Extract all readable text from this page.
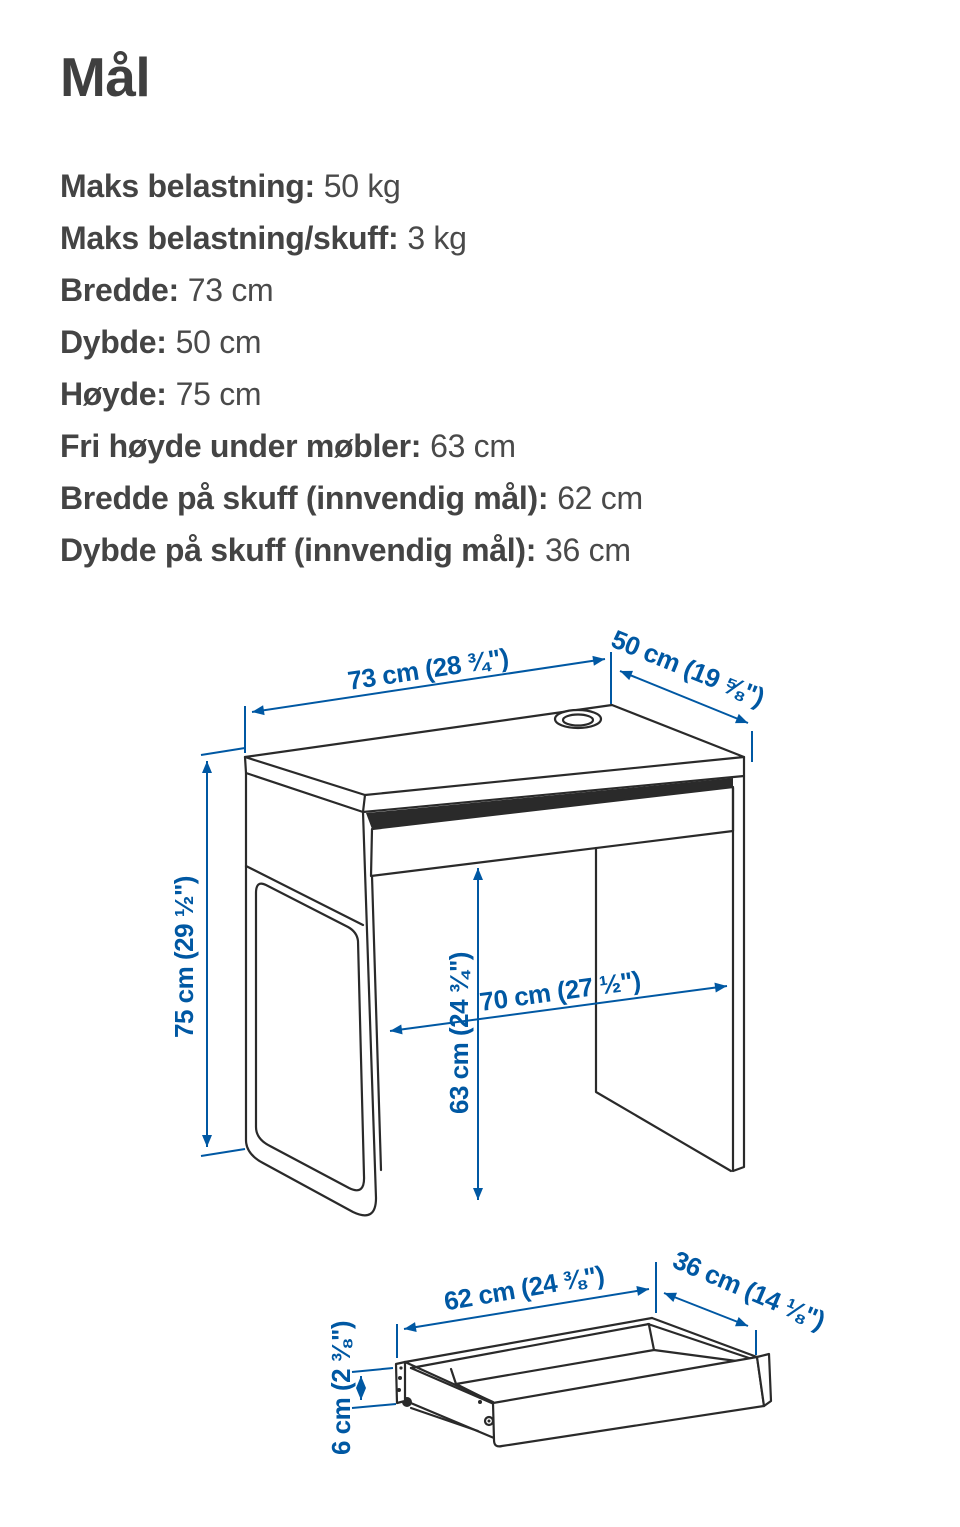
Mål
Maks belastning: 50 kg
Maks belastning/skuff: 3 kg
Bredde: 73 cm
Dybde: 50 cm
Høyde: 75 cm
Fri høyde under møbler: 63 cm
Bredde på skuff (innvendig mål): 62 cm
Dybde på skuff (innvendig mål): 36 cm
73 cm (28 ¾")	50 cm (19 ⅝")
75 cm (29 ½")	63 cm (24 ¾") 70 cm (27 ½")
62 cm (24 ⅜") 36 cm (14 ⅛")
6 cm (2 ⅜")
